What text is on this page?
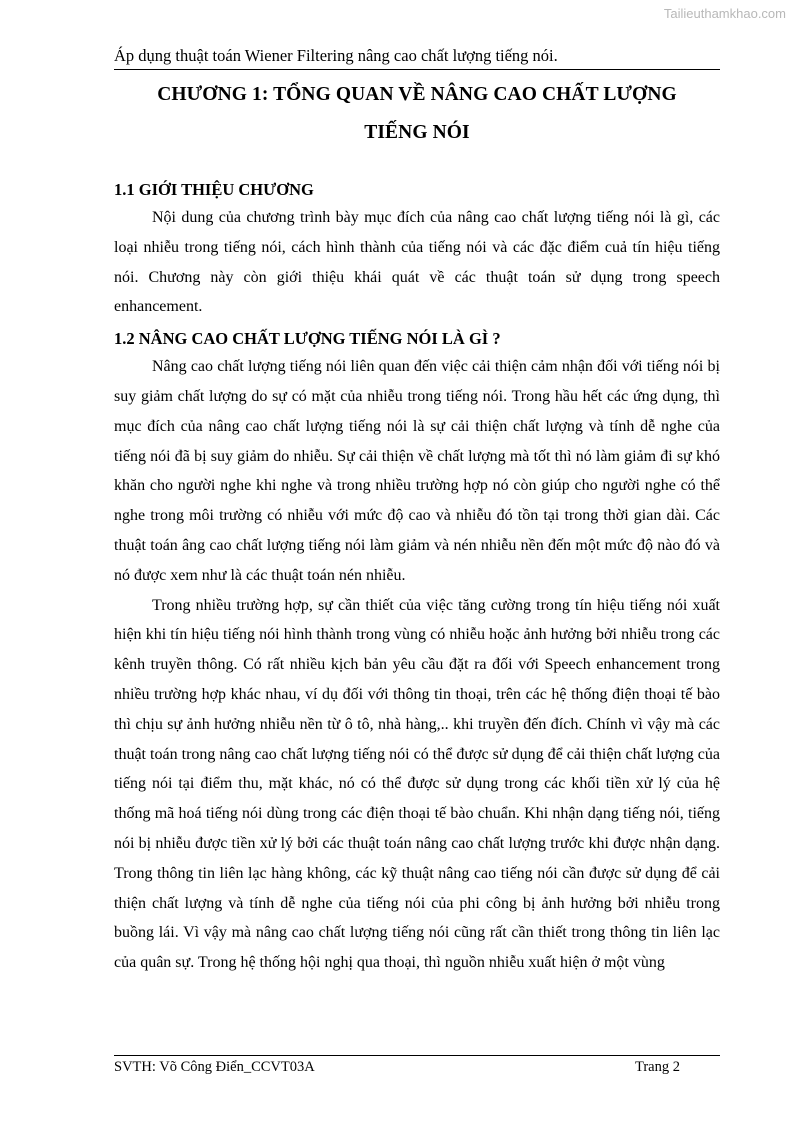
Tailieuthamkhao.com
Áp dụng thuật toán Wiener Filtering nâng cao chất lượng tiếng nói.
CHƯƠNG 1: TỔNG QUAN VỀ NÂNG CAO CHẤT LƯỢNG
TIẾNG NÓI
1.1 GIỚI THIỆU CHƯƠNG

Nội dung của chương trình bày mục đích của nâng cao chất lượng tiếng nói là gì, các loại nhiễu trong tiếng nói, cách hình thành của tiếng nói và các đặc điểm cuả tín hiệu tiếng nói. Chương này còn giới thiệu khái quát về các thuật toán sử dụng trong speech enhancement.

1.2 NÂNG CAO CHẤT LƯỢNG TIẾNG NÓI LÀ GÌ ?

Nâng cao chất lượng tiếng nói liên quan đến việc cải thiện cảm nhận đối với tiếng nói bị suy giảm chất lượng do sự có mặt của nhiễu trong tiếng nói. Trong hầu hết các ứng dụng, thì mục đích của nâng cao chất lượng tiếng nói là sự cải thiện chất lượng và tính dễ nghe của tiếng nói đã bị suy giảm do nhiễu. Sự cải thiện về chất lượng mà tốt thì nó làm giảm đi sự khó khăn cho người nghe khi nghe và trong nhiều trường hợp nó còn giúp cho người nghe có thể nghe trong môi trường có nhiễu với mức độ cao và nhiễu đó tồn tại trong thời gian dài. Các thuật toán âng cao chất lượng tiếng nói làm giảm và nén nhiễu nền đến một mức độ nào đó và nó được xem như là các thuật toán nén nhiễu.

Trong nhiều trường hợp, sự cần thiết của việc tăng cường trong tín hiệu tiếng nói xuất hiện khi tín hiệu tiếng nói hình thành trong vùng có nhiễu hoặc ảnh hưởng bởi nhiễu trong các kênh truyền thông. Có rất nhiều kịch bản yêu cầu đặt ra đối với Speech enhancement trong nhiều trường hợp khác nhau, ví dụ đối với thông tin thoại, trên các hệ thống điện thoại tế bào thì chịu sự ảnh hưởng nhiễu nền từ ô tô, nhà hàng,.. khi truyền đến đích. Chính vì vậy mà các thuật toán trong nâng cao chất lượng tiếng nói có thể được sử dụng để cải thiện chất lượng của tiếng nói tại điểm thu, mặt khác, nó có thể được sử dụng trong các khối tiền xử lý của hệ thống mã hoá tiếng nói dùng trong các điện thoại tế bào chuẩn. Khi nhận dạng tiếng nói, tiếng nói bị nhiễu được tiền xử lý bởi các thuật toán nâng cao chất lượng trước khi được nhận dạng. Trong thông tin liên lạc hàng không, các kỹ thuật nâng cao tiếng nói cần được sử dụng để cải thiện chất lượng và tính dễ nghe của tiếng nói của phi công bị ảnh hưởng bởi nhiễu trong buồng lái. Vì vậy mà nâng cao chất lượng tiếng nói cũng rất cần thiết trong thông tin liên lạc của quân sự. Trong hệ thống hội nghị qua thoại, thì nguồn nhiễu xuất hiện ở một vùng

SVTH: Võ Công Điển_CCVT03A	Trang 2
